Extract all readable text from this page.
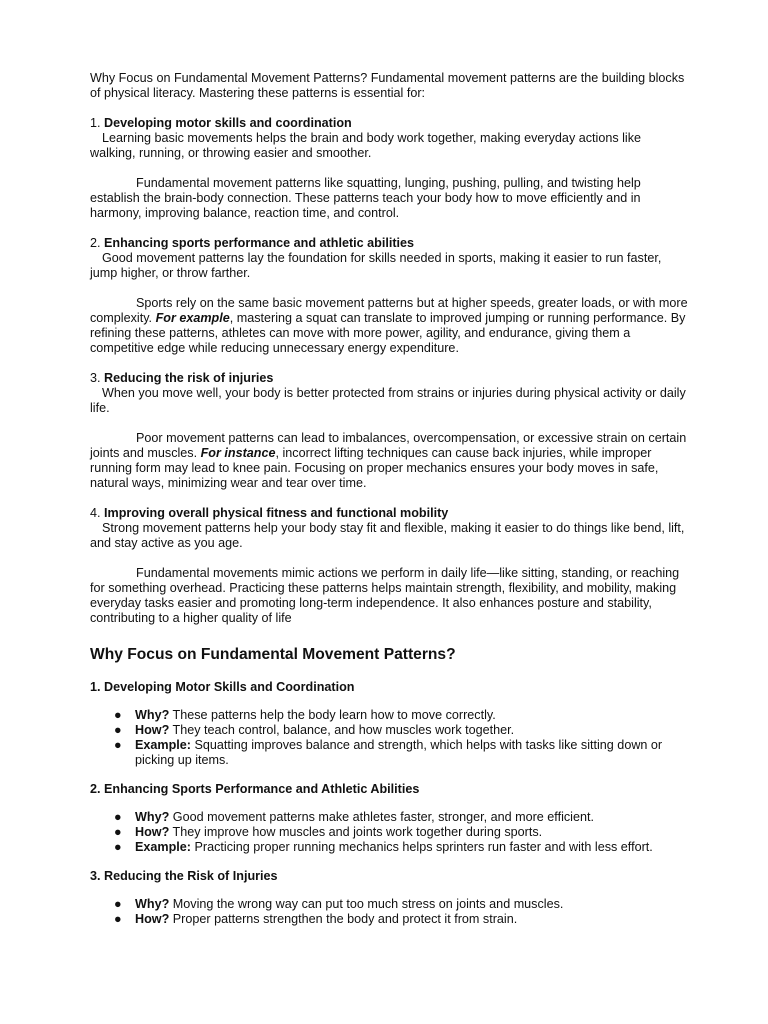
Why Focus on Fundamental Movement Patterns? Fundamental movement patterns are the building blocks of physical literacy. Mastering these patterns is essential for:

1. Developing motor skills and coordination

Learning basic movements helps the brain and body work together, making everyday actions like walking, running, or throwing easier and smoother.

Fundamental movement patterns like squatting, lunging, pushing, pulling, and twisting help establish the brain-body connection. These patterns teach your body how to move efficiently and in harmony, improving balance, reaction time, and control.

2. Enhancing sports performance and athletic abilities

Good movement patterns lay the foundation for skills needed in sports, making it easier to run faster, jump higher, or throw farther.

Sports rely on the same basic movement patterns but at higher speeds, greater loads, or with more complexity. For example, mastering a squat can translate to improved jumping or running performance. By refining these patterns, athletes can move with more power, agility, and endurance, giving them a competitive edge while reducing unnecessary energy expenditure.

3. Reducing the risk of injuries

When you move well, your body is better protected from strains or injuries during physical activity or daily life.

Poor movement patterns can lead to imbalances, overcompensation, or excessive strain on certain joints and muscles. For instance, incorrect lifting techniques can cause back injuries, while improper running form may lead to knee pain. Focusing on proper mechanics ensures your body moves in safe, natural ways, minimizing wear and tear over time.

4. Improving overall physical fitness and functional mobility

Strong movement patterns help your body stay fit and flexible, making it easier to do things like bend, lift, and stay active as you age.

Fundamental movements mimic actions we perform in daily life—like sitting, standing, or reaching for something overhead. Practicing these patterns helps maintain strength, flexibility, and mobility, making everyday tasks easier and promoting long-term independence. It also enhances posture and stability, contributing to a higher quality of life

Why Focus on Fundamental Movement Patterns?

1. Developing Motor Skills and Coordination

● Why? These patterns help the body learn how to move correctly.
● How? They teach control, balance, and how muscles work together.
● Example: Squatting improves balance and strength, which helps with tasks like sitting down or picking up items.

2. Enhancing Sports Performance and Athletic Abilities

● Why? Good movement patterns make athletes faster, stronger, and more efficient.
● How? They improve how muscles and joints work together during sports.
● Example: Practicing proper running mechanics helps sprinters run faster and with less effort.

3. Reducing the Risk of Injuries

● Why? Moving the wrong way can put too much stress on joints and muscles.
● How? Proper patterns strengthen the body and protect it from strain.
